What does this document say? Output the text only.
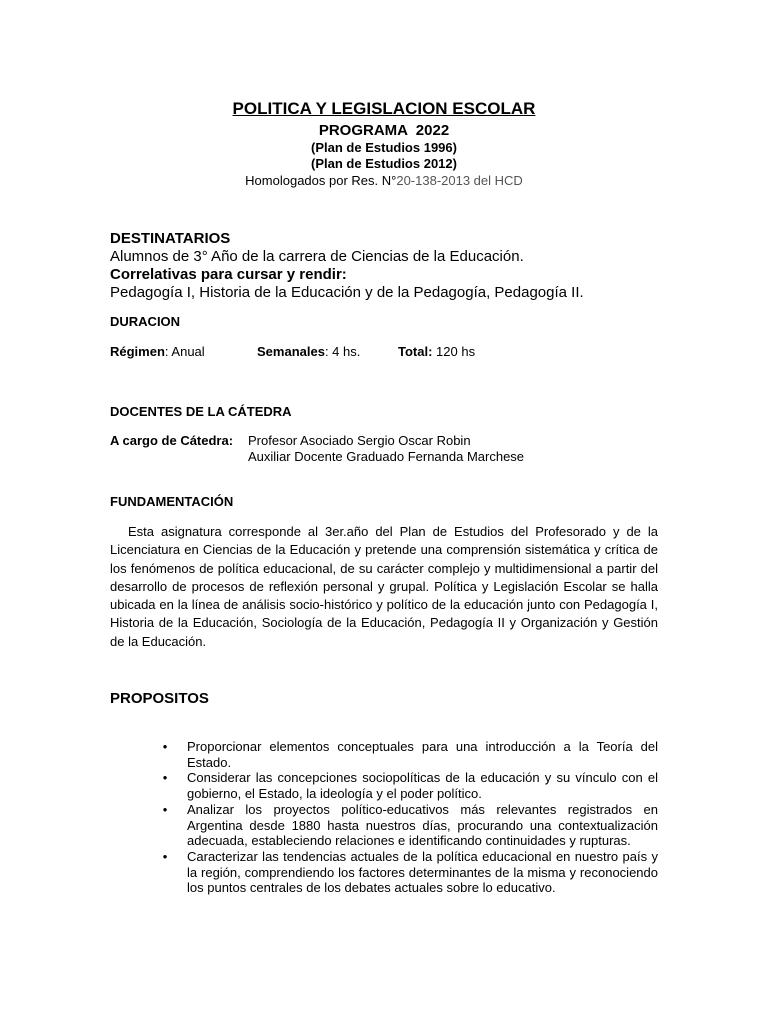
POLITICA Y LEGISLACION ESCOLAR
PROGRAMA  2022
(Plan de Estudios 1996)
(Plan de Estudios 2012)
Homologados por Res. N°20-138-2013 del HCD
DESTINATARIOS
Alumnos de 3° Año de la carrera de Ciencias de la Educación.
Correlativas para cursar y rendir:
Pedagogía I, Historia de la Educación y de la Pedagogía, Pedagogía II.
DURACION
Régimen: Anual	Semanales: 4 hs.	Total: 120 hs
DOCENTES DE LA CÁTEDRA
A cargo de Cátedra: Profesor Asociado Sergio Oscar Robin
Auxiliar Docente Graduado Fernanda Marchese
FUNDAMENTACIÓN
Esta asignatura corresponde al 3er.año del Plan de Estudios del Profesorado y de la Licenciatura en Ciencias de la Educación y pretende una comprensión sistemática y crítica de los fenómenos de política educacional, de su carácter complejo y multidimensional a partir del desarrollo de procesos de reflexión personal y grupal. Política y Legislación Escolar se halla ubicada en la línea de análisis socio-histórico y político de la educación junto con Pedagogía I, Historia de la Educación, Sociología de la Educación, Pedagogía II y Organización y Gestión de la Educación.
PROPOSITOS
• Proporcionar elementos conceptuales para una introducción a la Teoría del Estado.
• Considerar las concepciones sociopolíticas de la educación y su vínculo con el gobierno, el Estado, la ideología y el poder político.
• Analizar los proyectos político-educativos más relevantes registrados en Argentina desde 1880 hasta nuestros días, procurando una contextualización adecuada, estableciendo relaciones e identificando continuidades y rupturas.
• Caracterizar las tendencias actuales de la política educacional en nuestro país y la región, comprendiendo los factores determinantes de la misma y reconociendo los puntos centrales de los debates actuales sobre lo educativo.
